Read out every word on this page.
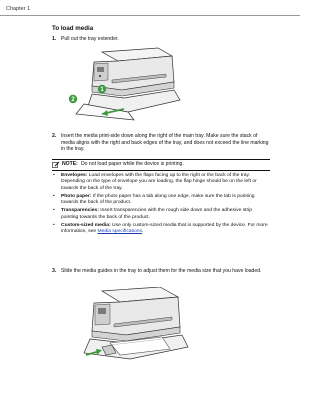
Chapter 1
To load media
1. Pull out the tray extender.
1
2
2. Insert the media print-side down along the right of the main tray. Make sure the stack of media aligns with the right and back edges of the tray, and does not exceed the line marking in the tray.
NOTE: Do not load paper while the device is printing.
• Envelopes: Load envelopes with the flaps facing up to the right or the back of the tray. Depending on the type of envelope you are loading, the flap hinge should be on the left or towards the back of the tray.
• Photo paper: If the photo paper has a tab along one edge, make sure the tab is pointing towards the back of the product.
• Transparencies: Insert transparencies with the rough side down and the adhesive strip pointing towards the back of the product.
• Custom-sized media: Use only custom-sized media that is supported by the device. For more information, see Media specifications.
3. Slide the media guides in the tray to adjust them for the media size that you have loaded.
